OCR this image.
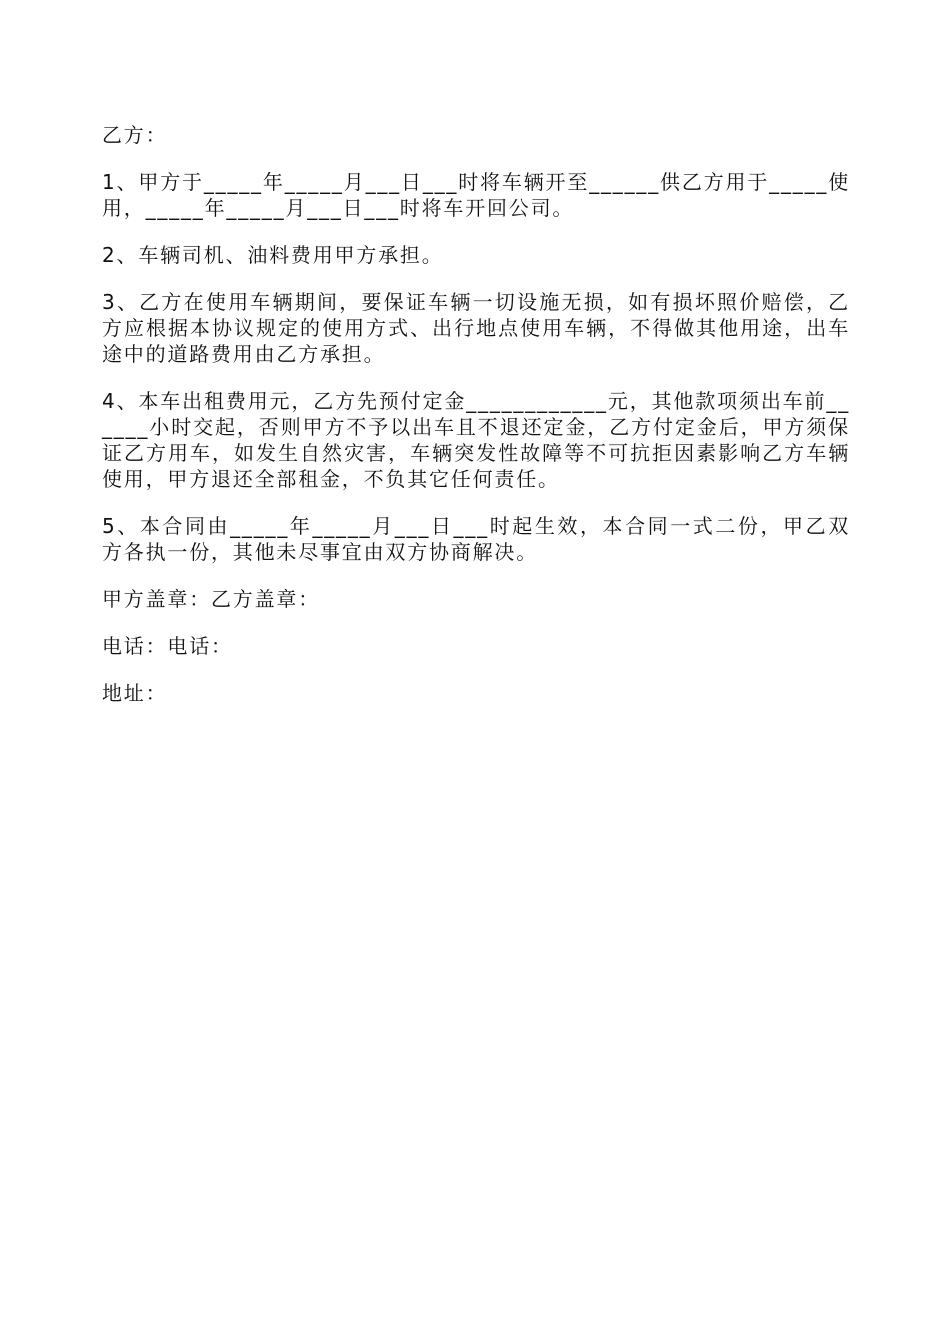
乙方：

1、甲方于_____年_____月___日___时将车辆开至______供乙方用于_____使用，_____年_____月___日___时将车开回公司。

2、车辆司机、油料费用甲方承担。

3、乙方在使用车辆期间，要保证车辆一切设施无损，如有损坏照价赔偿，乙方应根据本协议规定的使用方式、出行地点使用车辆，不得做其他用途，出车途中的道路费用由乙方承担。

4、本车出租费用元，乙方先预付定金____________元，其他款项须出车前______小时交起，否则甲方不予以出车且不退还定金，乙方付定金后，甲方须保证乙方用车，如发生自然灾害，车辆突发性故障等不可抗拒因素影响乙方车辆使用，甲方退还全部租金，不负其它任何责任。

5、本合同由_____年_____月___日___时起生效，本合同一式二份，甲乙双方各执一份，其他未尽事宜由双方协商解决。

甲方盖章：乙方盖章：

电话：电话：

地址：
